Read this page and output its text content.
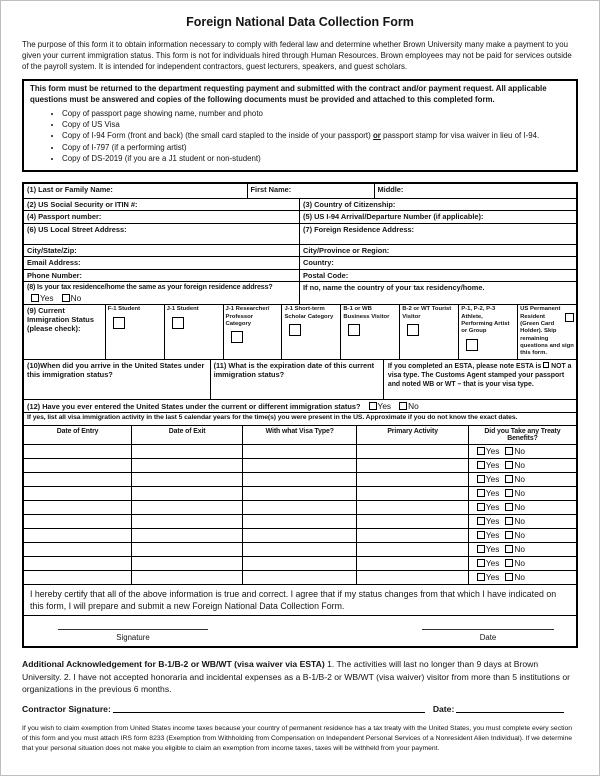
Foreign National Data Collection Form

The purpose of this form it to obtain information necessary to comply with federal law and determine whether Brown University many make a payment to you given your current immigration status. This form is not for individuals hired through Human Resources. Brown employees may not be paid for services outside of the payroll system. It is intended for independent contractors, guest lecturers, speakers, and guest scholars.

This form must be returned to the department requesting payment and submitted with the contract and/or payment request. All applicable questions must be answered and copies of the following documents must be provided and attached to this completed form.

• Copy of passport page showing name, number and photo
• Copy of US Visa
• Copy of I-94 Form (front and back) (the small card stapled to the inside of your passport) or passport stamp for visa waiver in lieu of I-94.
• Copy of I-797 (if a performing artist)
• Copy of DS-2019 (if you are a J1 student or non-student)
(1) Last or Family Name:	First Name:	Middle:
(2) US Social Security or ITIN #:	(3) Country of Citizenship:
(4) Passport number:	(5) US I-94 Arrival/Departure Number (if applicable):
(6) US Local Street Address:	(7) Foreign Residence Address:
City/State/Zip:	City/Province or Region:
Email Address:	Country:
Phone Number:	Postal Code:
(8) Is your tax residence/home the same as your foreign residence address?
Yes No
If no, name the country of your tax residency/home.
(9) Current Immigration Status (please check):
F-1 Student	J-1 Student	J-1 Researcher/ Professor Category
J-1 Short-term Scholar Category
B-1 or WB Business Visitor
B-2 or WT Tourist Visitor
P-1, P-2, P-3 Athlete, Performing Artist or Group
US Permanent Resident (Green Card Holder). Skip remaining questions and sign this form.
(10)When did you arrive in the United States under this immigration status?
(11) What is the expiration date of this current immigration status?
If you completed an ESTA, please note ESTA is  NOT a visa type. The Customs Agent stamped your passport and noted WB or WT – that is your visa type.
(12) Have you ever entered the United States under the current or different immigration status? Yes No
If yes, list all visa immigration activity in the last 5 calendar years for the time(s) you were present in the US. Approximate if you do not know the exact dates.
Date of Entry	Date of Exit	With what Visa Type?	Primary Activity	Did you Take any Treaty Benefits?
Yes No
Yes No
Yes No
Yes No
Yes No
Yes No
Yes No
Yes No
Yes No
Yes No
I hereby certify that all of the above information is true and correct. I agree that if my status changes from that which I have indicated on this form, I will prepare and submit a new Foreign National Data Collection Form.
Signature	Date

Additional Acknowledgement for B-1/B-2 or WB/WT (visa waiver via ESTA) 1. The activities will last no longer than 9 days at Brown University. 2. I have not accepted honoraria and incidental expenses as a B-1/B-2 or WB/WT (visa waiver) visitor from more than 5 institutions or organizations in the previous 6 months.

Contractor Signature:	Date:

If you wish to claim exemption from United States income taxes because your country of permanent residence has a tax treaty with the United States, you must complete every section of this form and you must attach IRS form 8233 (Exemption from Withholding from Compensation on Independent Personal Services of a Nonresident Alien Individual). If we determine that your personal situation does not make you eligible to claim an exemption from income taxes, taxes will be withheld from your payment.
